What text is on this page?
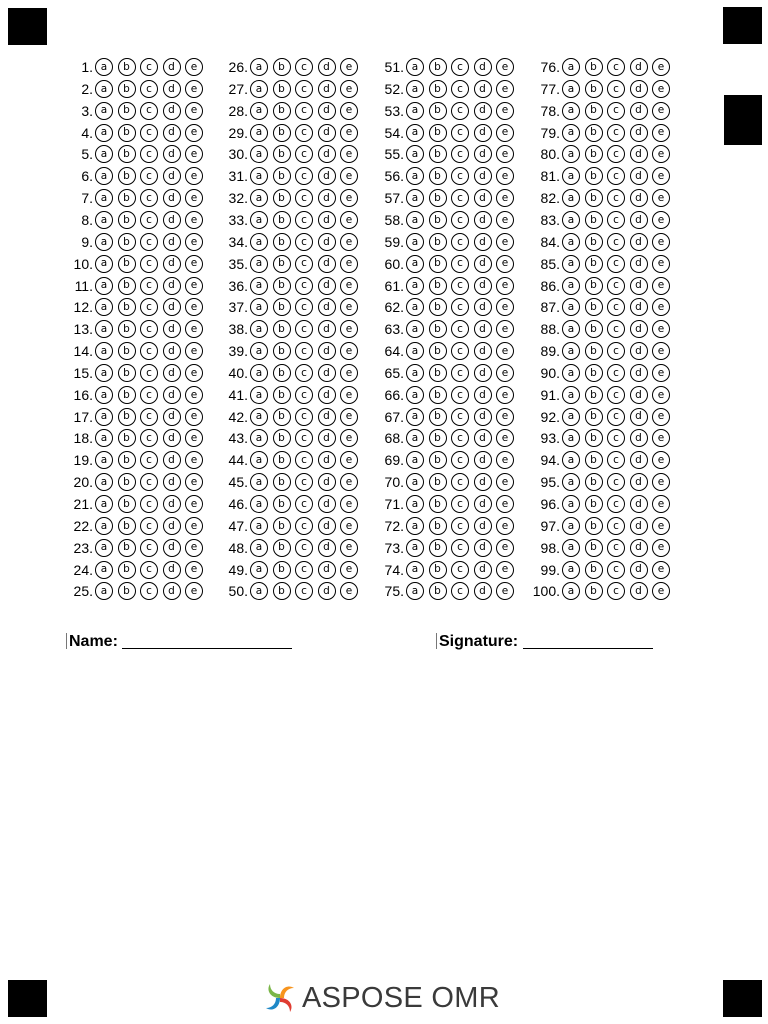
1. a	b	c	d	e
2. a	b	c	d	e
3. a	b	c	d	e
4. a	b	c	d	e
5. a	b	c	d	e
6. a	b	c	d	e
7. a	b	c	d	e
8. a	b	c	d	e
9. a	b	c	d	e
10. a	b	c	d	e
11. a	b	c	d	e
12. a	b	c	d	e
13. a	b	c	d	e
14. a	b	c	d	e
15. a	b	c	d	e
16. a	b	c	d	e
17. a	b	c	d	e
18. a	b	c	d	e
19. a	b	c	d	e
20. a	b	c	d	e
21. a	b	c	d	e
22. a	b	c	d	e
23. a	b	c	d	e
24. a	b	c	d	e
25. a	b	c	d	e
26. a	b	c	d	e
27. a	b	c	d	e
28. a	b	c	d	e
29. a	b	c	d	e
30. a	b	c	d	e
31. a	b	c	d	e
32. a	b	c	d	e
33. a	b	c	d	e
34. a	b	c	d	e
35. a	b	c	d	e
36. a	b	c	d	e
37. a	b	c	d	e
38. a	b	c	d	e
39. a	b	c	d	e
40. a	b	c	d	e
41. a	b	c	d	e
42. a	b	c	d	e
43. a	b	c	d	e
44. a	b	c	d	e
45. a	b	c	d	e
46. a	b	c	d	e
47. a	b	c	d	e
48. a	b	c	d	e
49. a	b	c	d	e
50. a	b	c	d	e
51. a	b	c	d	e
52. a	b	c	d	e
53. a	b	c	d	e
54. a	b	c	d	e
55. a	b	c	d	e
56. a	b	c	d	e
57. a	b	c	d	e
58. a	b	c	d	e
59. a	b	c	d	e
60. a	b	c	d	e
61. a	b	c	d	e
62. a	b	c	d	e
63. a	b	c	d	e
64. a	b	c	d	e
65. a	b	c	d	e
66. a	b	c	d	e
67. a	b	c	d	e
68. a	b	c	d	e
69. a	b	c	d	e
70. a	b	c	d	e
71. a	b	c	d	e
72. a	b	c	d	e
73. a	b	c	d	e
74. a	b	c	d	e
75. a	b	c	d	e
76. a	b	c	d	e
77. a	b	c	d	e
78. a	b	c	d	e
79. a	b	c	d	e
80. a	b	c	d	e
81. a	b	c	d	e
82. a	b	c	d	e
83. a	b	c	d	e
84. a	b	c	d	e
85. a	b	c	d	e
86. a	b	c	d	e
87. a	b	c	d	e
88. a	b	c	d	e
89. a	b	c	d	e
90. a	b	c	d	e
91. a	b	c	d	e
92. a	b	c	d	e
93. a	b	c	d	e
94. a	b	c	d	e
95. a	b	c	d	e
96. a	b	c	d	e
97. a	b	c	d	e
98. a	b	c	d	e
99. a	b	c	d	e
100. a	b	c	d	e
Name:	Signature:
ASPOSE OMR
